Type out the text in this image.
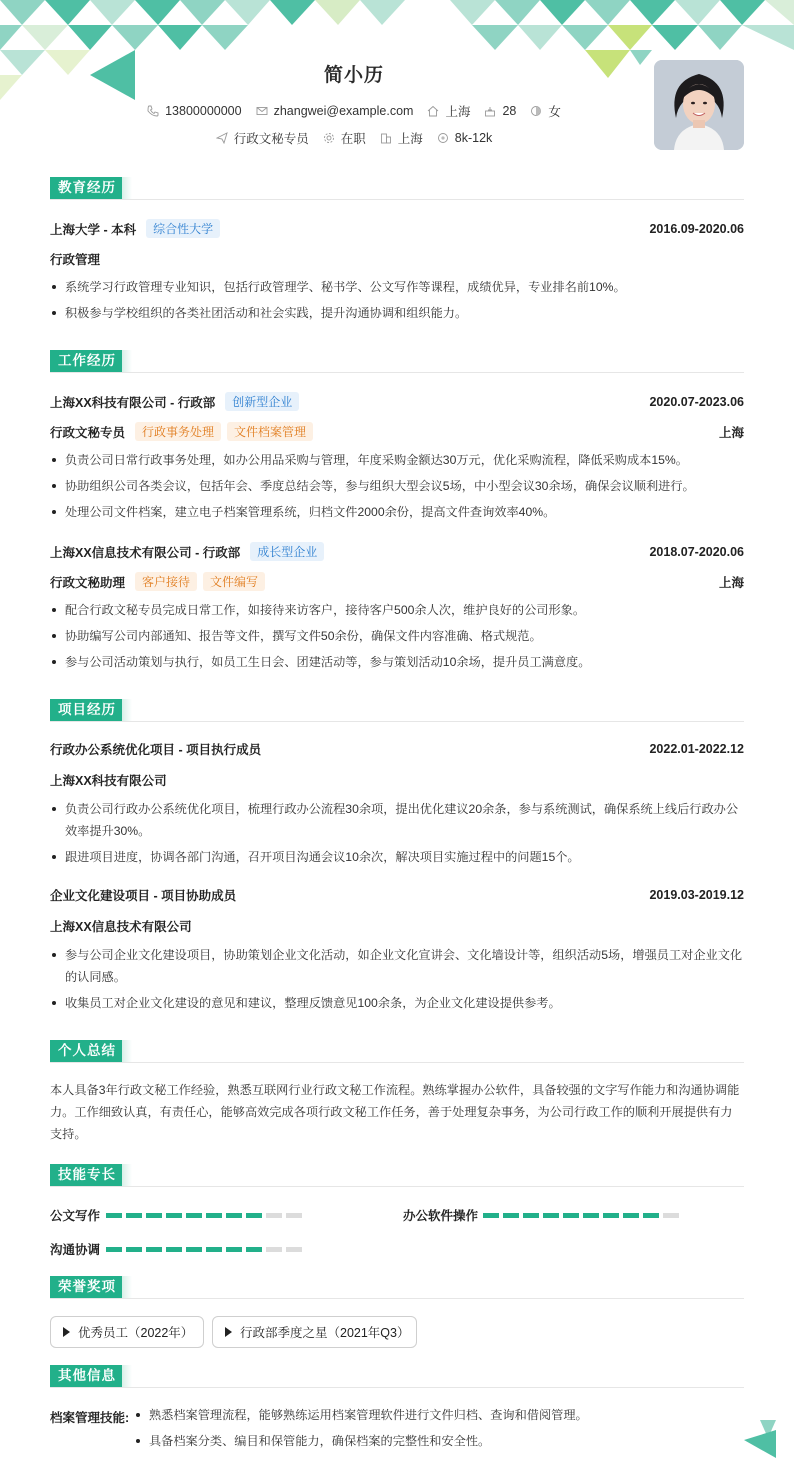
简小历
13800000000	zhangwei@example.com	上海	28	女
行政文秘专员	在职	上海	8k-12k
教育经历
上海大学 - 本科	综合性大学	2016.09-2020.06
行政管理
系统学习行政管理专业知识，包括行政管理学、秘书学、公文写作等课程，成绩优异，专业排名前10%。
积极参与学校组织的各类社团活动和社会实践，提升沟通协调和组织能力。
工作经历
上海XX科技有限公司 - 行政部	创新型企业	2020.07-2023.06
行政文秘专员	行政事务处理	文件档案管理	上海
负责公司日常行政事务处理，如办公用品采购与管理，年度采购金额达30万元，优化采购流程，降低采购成本15%。
协助组织公司各类会议，包括年会、季度总结会等，参与组织大型会议5场，中小型会议30余场，确保会议顺利进行。
处理公司文件档案，建立电子档案管理系统，归档文件2000余份，提高文件查询效率40%。
上海XX信息技术有限公司 - 行政部	成长型企业	2018.07-2020.06
行政文秘助理	客户接待	文件编写	上海
配合行政文秘专员完成日常工作，如接待来访客户，接待客户500余人次，维护良好的公司形象。
协助编写公司内部通知、报告等文件，撰写文件50余份，确保文件内容准确、格式规范。
参与公司活动策划与执行，如员工生日会、团建活动等，参与策划活动10余场，提升员工满意度。
项目经历
行政办公系统优化项目 - 项目执行成员	2022.01-2022.12
上海XX科技有限公司
负责公司行政办公系统优化项目，梳理行政办公流程30余项，提出优化建议20余条，参与系统测试，确保系统上线后行政办公效率提升30%。
跟进项目进度，协调各部门沟通，召开项目沟通会议10余次，解决项目实施过程中的问题15个。
企业文化建设项目 - 项目协助成员	2019.03-2019.12
上海XX信息技术有限公司
参与公司企业文化建设项目，协助策划企业文化活动，如企业文化宣讲会、文化墙设计等，组织活动5场，增强员工对企业文化的认同感。
收集员工对企业文化建设的意见和建议，整理反馈意见100余条，为企业文化建设提供参考。
个人总结
本人具备3年行政文秘工作经验，熟悉互联网行业行政文秘工作流程。熟练掌握办公软件，具备较强的文字写作能力和沟通协调能力。工作细致认真，有责任心，能够高效完成各项行政文秘工作任务，善于处理复杂事务，为公司行政工作的顺利开展提供有力支持。
技能专长
公文写作	办公软件操作
沟通协调
荣誉奖项
优秀员工（2022年）	行政部季度之星（2021年Q3）
其他信息
档案管理技能:	熟悉档案管理流程，能够熟练运用档案管理软件进行文件归档、查询和借阅管理。
具备档案分类、编目和保管能力，确保档案的完整性和安全性。
